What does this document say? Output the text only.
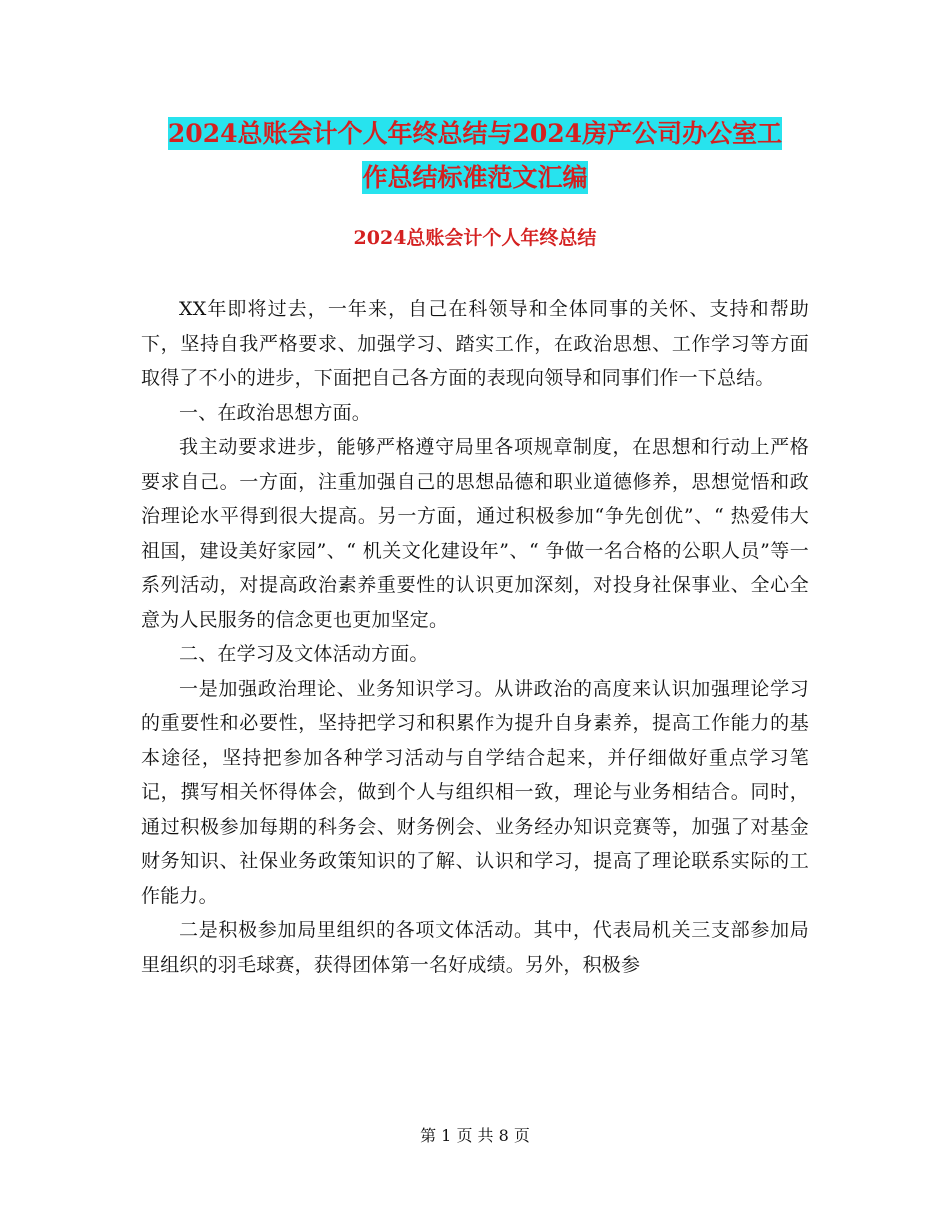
2024总账会计个人年终总结与2024房产公司办公室工
作总结标准范文汇编
2024总账会计个人年终总结

XX年即将过去，一年来，自己在科领导和全体同事的关怀、支持和帮助下，坚持自我严格要求、加强学习、踏实工作，在政治思想、工作学习等方面取得了不小的进步，下面把自己各方面的表现向领导和同事们作一下总结。

一、在政治思想方面。

我主动要求进步，能够严格遵守局里各项规章制度，在思想和行动上严格要求自己。一方面，注重加强自己的思想品德和职业道德修养，思想觉悟和政治理论水平得到很大提高。另一方面，通过积极参加“争先创优”、“ 热爱伟大祖国，建设美好家园”、“ 机关文化建设年”、“ 争做一名合格的公职人员”等一系列活动，对提高政治素养重要性的认识更加深刻，对投身社保事业、全心全意为人民服务的信念更也更加坚定。

二、在学习及文体活动方面。

一是加强政治理论、业务知识学习。从讲政治的高度来认识加强理论学习的重要性和必要性，坚持把学习和积累作为提升自身素养，提高工作能力的基本途径，坚持把参加各种学习活动与自学结合起来，并仔细做好重点学习笔记，撰写相关怀得体会，做到个人与组织相一致，理论与业务相结合。同时，通过积极参加每期的科务会、财务例会、业务经办知识竞赛等，加强了对基金财务知识、社保业务政策知识的了解、认识和学习，提高了理论联系实际的工作能力。

二是积极参加局里组织的各项文体活动。其中，代表局机关三支部参加局里组织的羽毛球赛，获得团体第一名好成绩。另外，积极参

第 1 页 共 8 页
